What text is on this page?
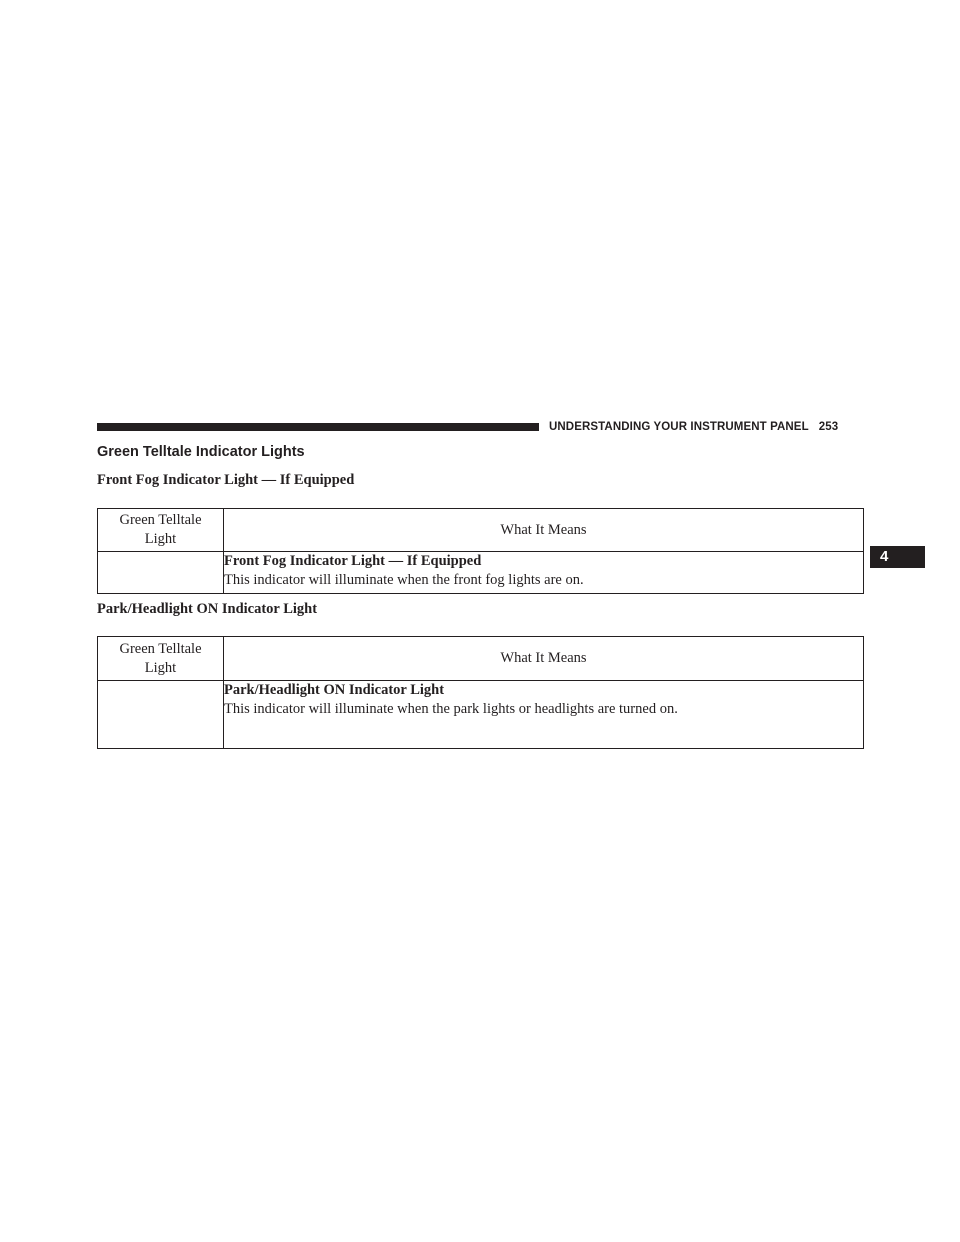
UNDERSTANDING YOUR INSTRUMENT PANEL 253
Green Telltale Indicator Lights
4
Front Fog Indicator Light — If Equipped
Green Telltale
Light	What It Means

	Front Fog Indicator Light — If Equipped
This indicator will illuminate when the front fog lights are on.
Park/Headlight ON Indicator Light
Green Telltale
Light	What It Means

	Park/Headlight ON Indicator Light
This indicator will illuminate when the park lights or headlights are turned on.
